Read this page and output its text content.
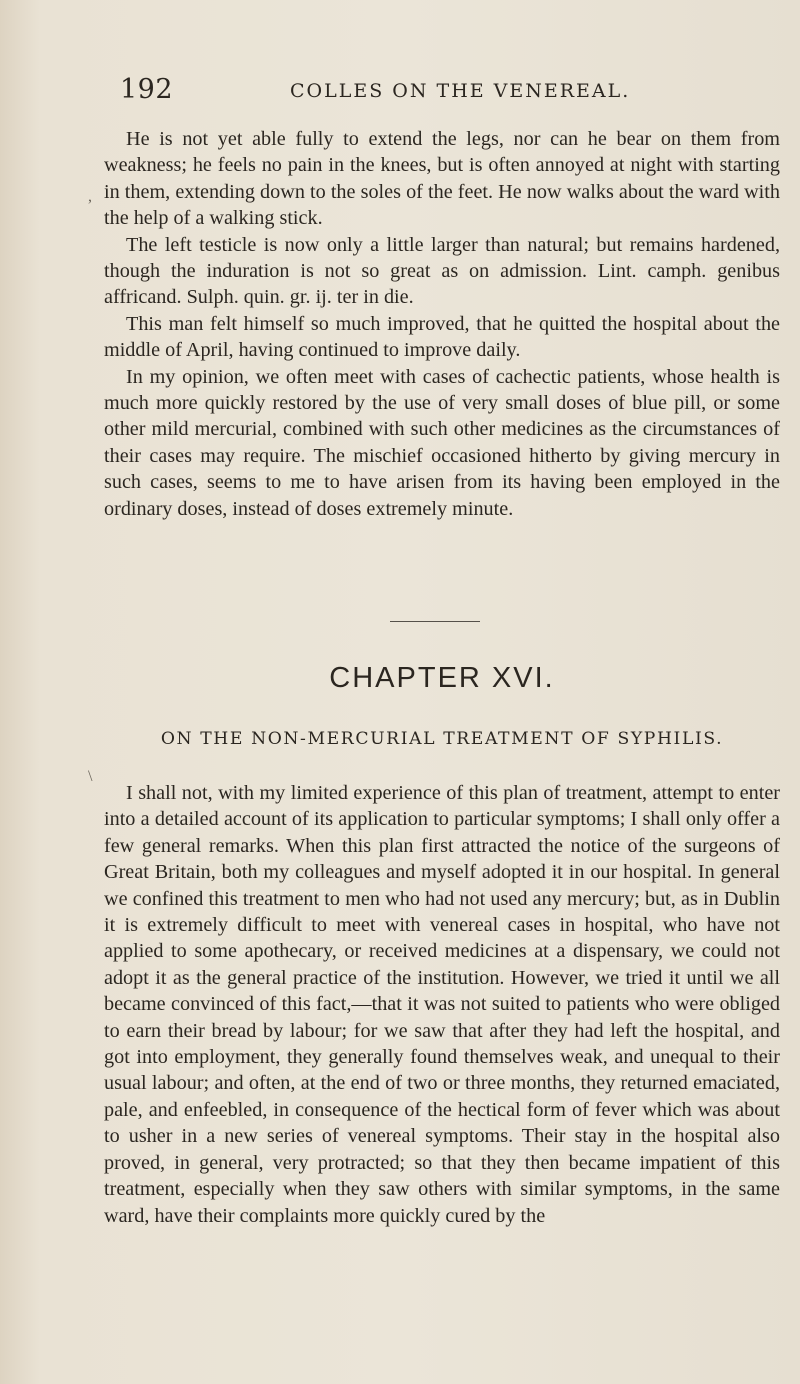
192	COLLES ON THE VENEREAL.
,
\

He is not yet able fully to extend the legs, nor can he bear on them from weakness; he feels no pain in the knees, but is often annoyed at night with starting in them, extending down to the soles of the feet. He now walks about the ward with the help of a walking stick.

The left testicle is now only a little larger than natural; but remains hardened, though the induration is not so great as on admission. Lint. camph. genibus affricand. Sulph. quin. gr. ij. ter in die.

This man felt himself so much improved, that he quitted the hospital about the middle of April, having continued to improve daily.

In my opinion, we often meet with cases of cachectic patients, whose health is much more quickly restored by the use of very small doses of blue pill, or some other mild mercurial, combined with such other medicines as the circumstances of their cases may require. The mischief occasioned hitherto by giving mercury in such cases, seems to me to have arisen from its having been employed in the ordinary doses, instead of doses extremely minute.

CHAPTER XVI.
ON THE NON-MERCURIAL TREATMENT OF SYPHILIS.

I shall not, with my limited experience of this plan of treatment, attempt to enter into a detailed account of its application to particular symptoms; I shall only offer a few general remarks. When this plan first attracted the notice of the surgeons of Great Britain, both my colleagues and myself adopted it in our hospital. In general we confined this treatment to men who had not used any mercury; but, as in Dublin it is extremely difficult to meet with venereal cases in hospital, who have not applied to some apothecary, or received medicines at a dispensary, we could not adopt it as the general practice of the institution. However, we tried it until we all became convinced of this fact,—that it was not suited to patients who were obliged to earn their bread by labour; for we saw that after they had left the hospital, and got into employment, they generally found themselves weak, and unequal to their usual labour; and often, at the end of two or three months, they returned emaciated, pale, and enfeebled, in consequence of the hectical form of fever which was about to usher in a new series of venereal symptoms. Their stay in the hospital also proved, in general, very protracted; so that they then became impatient of this treatment, especially when they saw others with similar symptoms, in the same ward, have their complaints more quickly cured by the
